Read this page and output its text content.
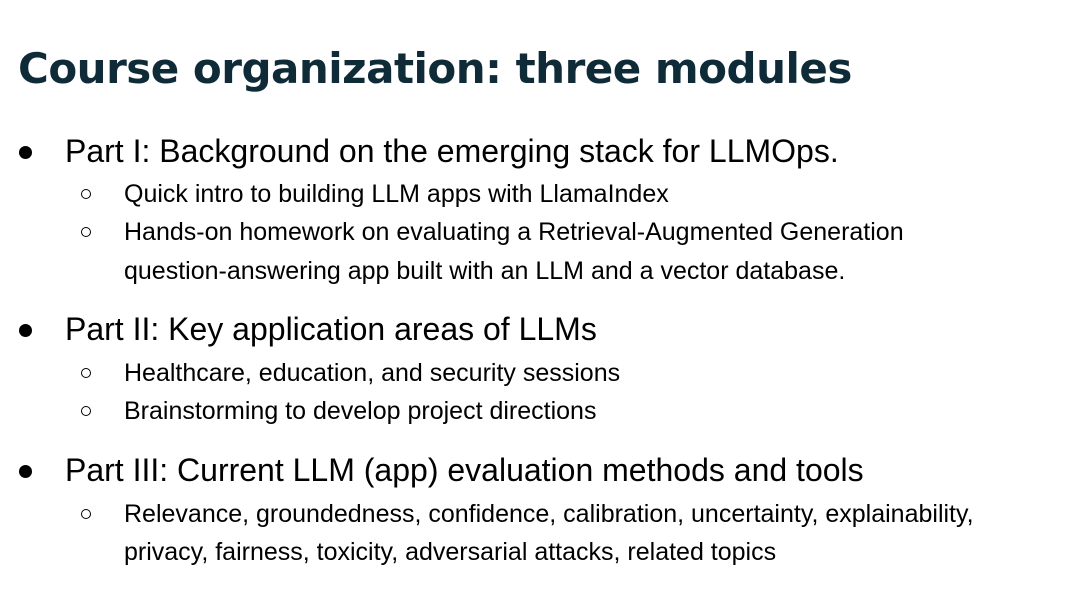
Course organization: three modules
Part I: Background on the emerging stack for LLMOps.
Quick intro to building LLM apps with LlamaIndex
Hands-on homework on evaluating a Retrieval-Augmented Generation
question-answering app built with an LLM and a vector database.
Part II: Key application areas of LLMs
Healthcare, education, and security sessions
Brainstorming to develop project directions
Part III: Current LLM (app) evaluation methods and tools
Relevance, groundedness, confidence, calibration, uncertainty, explainability,
privacy, fairness, toxicity, adversarial attacks, related topics
